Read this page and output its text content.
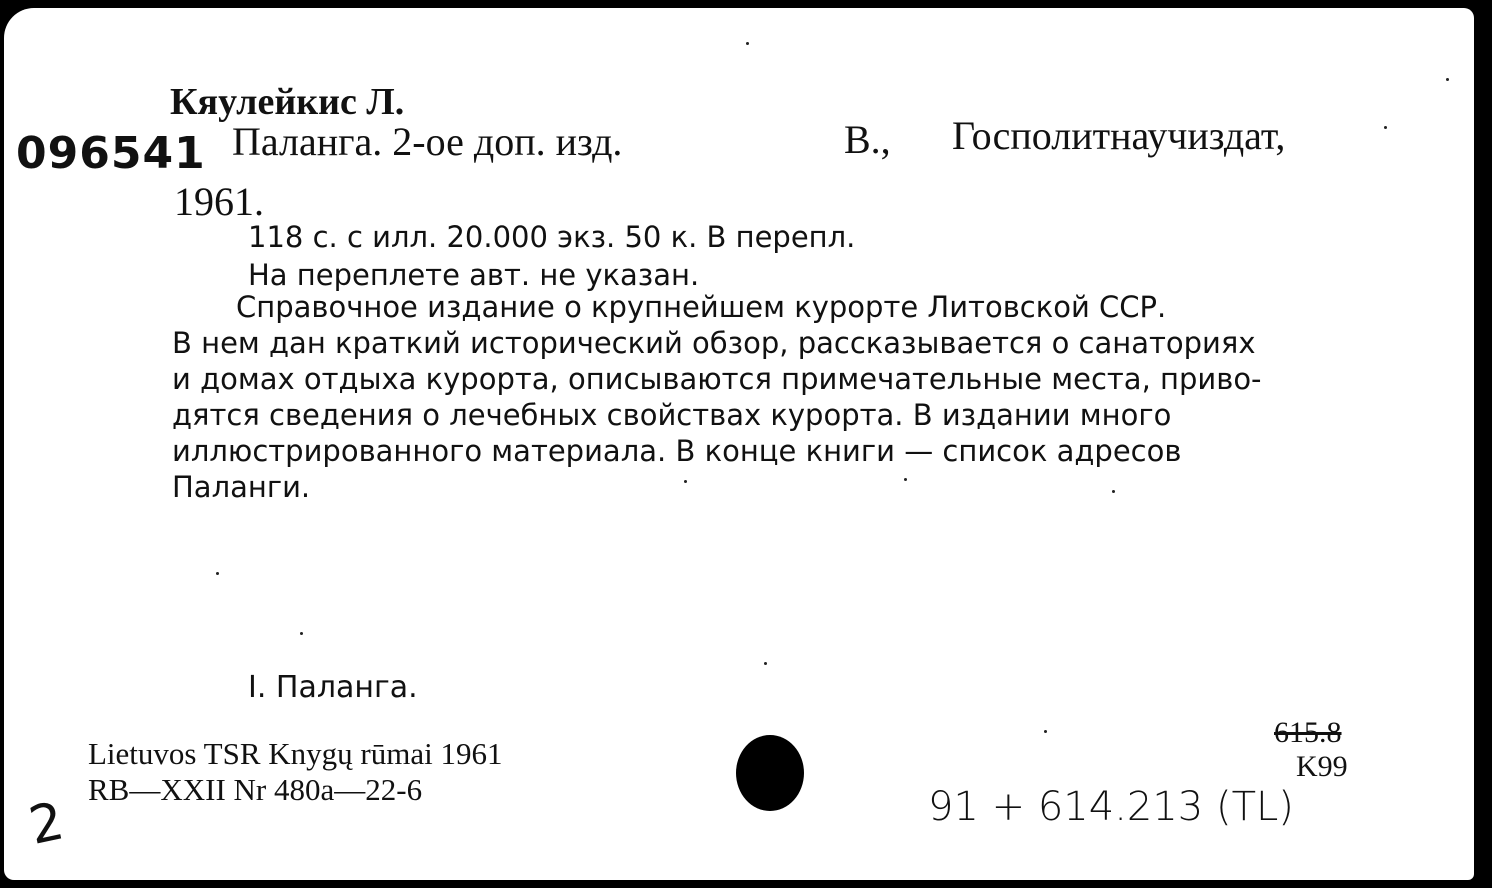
Кяулейкис Л.
096541 Паланга. 2-ое доп. изд.	В., Госполитнаучиздат,
1961.
118 с. с илл. 20.000 экз. 50 к. В перепл.
На переплете авт. не указан.
Справочное издание о крупнейшем курорте Литовской ССР.
В нем дан краткий исторический обзор, рассказывается о санаториях
и домах отдыха курорта, описываются примечательные места, приво-
дятся сведения о лечебных свойствах курорта. В издании много
иллюстрированного материала. В конце книги — список адресов
Паланги.
I. Паланга.
Lietuvos TSR Knygų rūmai 1961
RB—XXII Nr 480a—22-6
615.8
K99
91 + 614.213 (TL)
2
